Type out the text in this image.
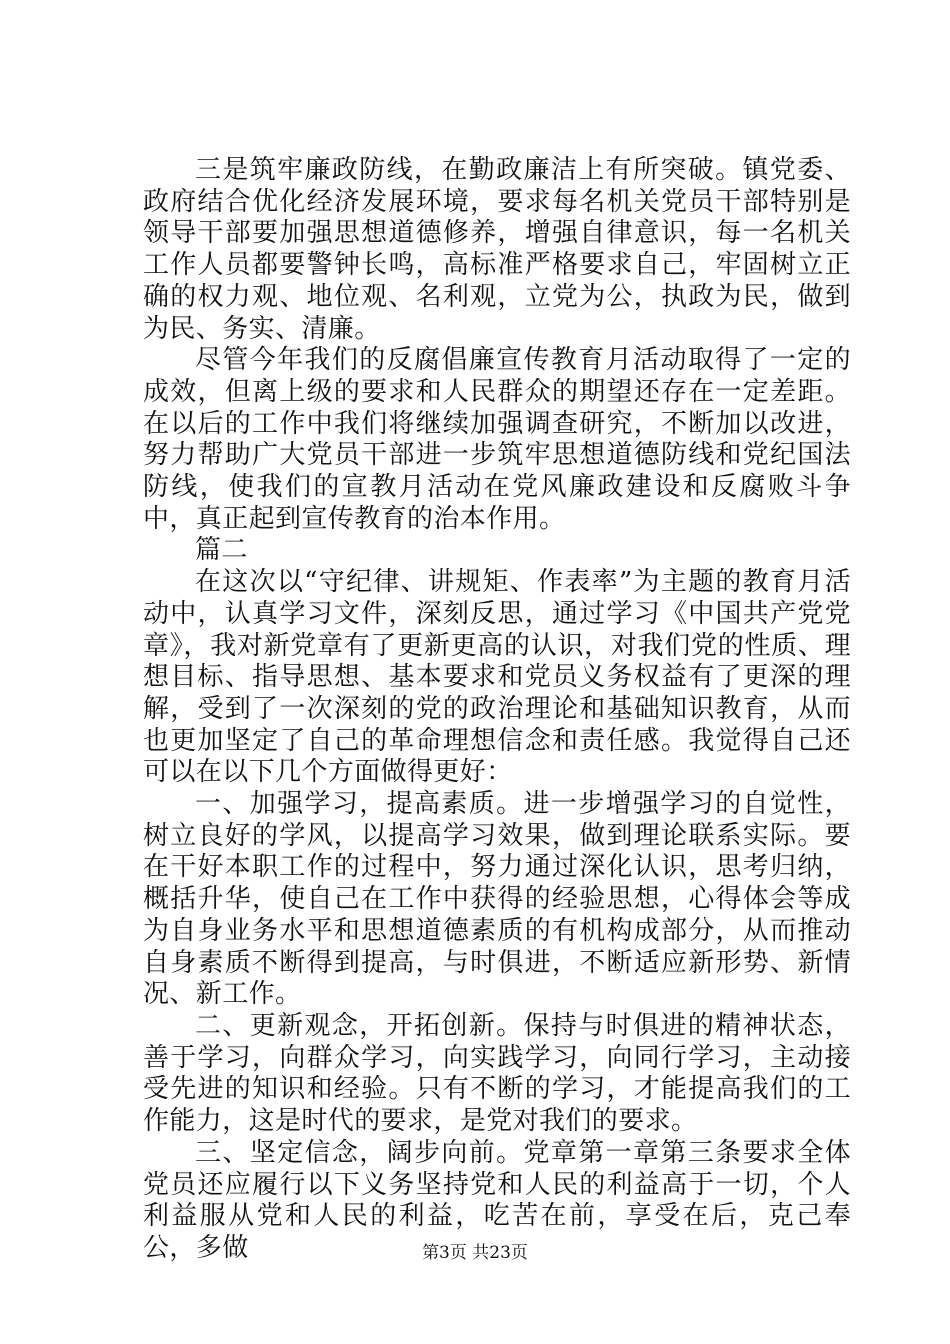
三是筑牢廉政防线，在勤政廉洁上有所突破。镇党委、政府结合优化经济发展环境，要求每名机关党员干部特别是领导干部要加强思想道德修养，增强自律意识，每一名机关工作人员都要警钟长鸣，高标准严格要求自己，牢固树立正确的权力观、地位观、名利观，立党为公，执政为民，做到为民、务实、清廉。

尽管今年我们的反腐倡廉宣传教育月活动取得了一定的成效，但离上级的要求和人民群众的期望还存在一定差距。在以后的工作中我们将继续加强调查研究，不断加以改进，努力帮助广大党员干部进一步筑牢思想道德防线和党纪国法防线，使我们的宣教月活动在党风廉政建设和反腐败斗争中，真正起到宣传教育的治本作用。

篇二

在这次以“守纪律、讲规矩、作表率”为主题的教育月活动中，认真学习文件，深刻反思，通过学习《中国共产党党章》，我对新党章有了更新更高的认识，对我们党的性质、理想目标、指导思想、基本要求和党员义务权益有了更深的理解，受到了一次深刻的党的政治理论和基础知识教育，从而也更加坚定了自己的革命理想信念和责任感。我觉得自己还可以在以下几个方面做得更好：

一、加强学习，提高素质。进一步增强学习的自觉性，树立良好的学风，以提高学习效果，做到理论联系实际。要在干好本职工作的过程中，努力通过深化认识，思考归纳，概括升华，使自己在工作中获得的经验思想，心得体会等成为自身业务水平和思想道德素质的有机构成部分，从而推动自身素质不断得到提高，与时俱进，不断适应新形势、新情况、新工作。

二、更新观念，开拓创新。保持与时俱进的精神状态，善于学习，向群众学习，向实践学习，向同行学习，主动接受先进的知识和经验。只有不断的学习，才能提高我们的工作能力，这是时代的要求，是党对我们的要求。

三、坚定信念，阔步向前。党章第一章第三条要求全体党员还应履行以下义务坚持党和人民的利益高于一切，个人利益服从党和人民的利益，吃苦在前，享受在后，克己奉公，多做	第3页 共23页
